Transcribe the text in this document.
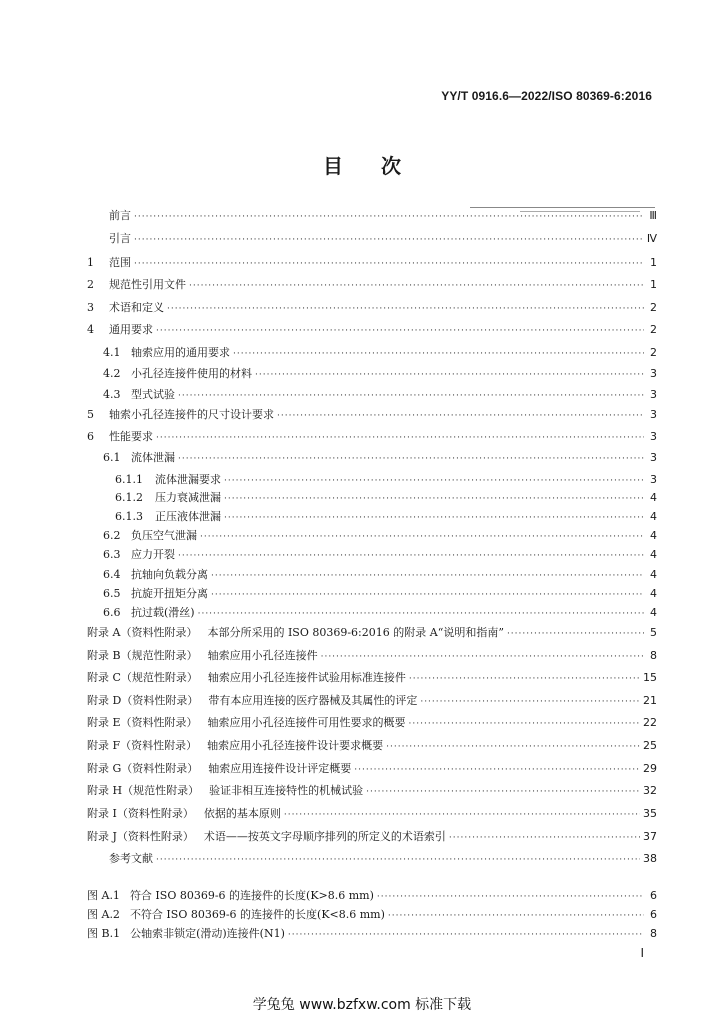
YY/T 0916.6—2022/ISO 80369-6:2016
目次
前言 ·····	Ⅲ
引言 ·····	Ⅳ
1	范围 ·····	1
2	规范性引用文件 ·····	1
3	术语和定义 ·····	2
4	通用要求 ·····	2
4.1 轴索应用的通用要求 ·····	2
4.2 小孔径连接件使用的材料 ·····	3
4.3 型式试验 ·····	3
5	轴索小孔径连接件的尺寸设计要求 ·····	3
6	性能要求 ·····	3
6.1 流体泄漏 ·····	3
6.1.1	流体泄漏要求 ·····	3
6.1.2	压力衰减泄漏 ·····	4
6.1.3	正压液体泄漏 ·····	4
6.2 负压空气泄漏 ·····	4
6.3 应力开裂 ·····	4
6.4 抗轴向负载分离 ·····	4
6.5 抗旋开扭矩分离 ·····	4
6.6 抗过载(滑丝) ·····	4
附录 A（资料性附录） 本部分所采用的 ISO 80369-6:2016 的附录 A“说明和指南” ·····	5
附录 B（规范性附录） 轴索应用小孔径连接件 ·····	8
附录 C（规范性附录） 轴索应用小孔径连接件试验用标准连接件 ·····	15
附录 D（资料性附录） 带有本应用连接的医疗器械及其属性的评定 ·····	21
附录 E（资料性附录） 轴索应用小孔径连接件可用性要求的概要 ·····	22
附录 F（资料性附录） 轴索应用小孔径连接件设计要求概要 ·····	25
附录 G（资料性附录） 轴索应用连接件设计评定概要 ·····	29
附录 H（规范性附录） 验证非相互连接特性的机械试验 ·····	32
附录 I（资料性附录） 依据的基本原则 ·····	35
附录 J（资料性附录） 术语——按英文字母顺序排列的所定义的术语索引 ·····	37
参考文献 ·····	38
图 A.1 符合 ISO 80369-6 的连接件的长度(K>8.6 mm) ·····	6
图 A.2 不符合 ISO 80369-6 的连接件的长度(K<8.6 mm) ·····	6
图 B.1 公轴索非锁定(滑动)连接件(N1) ·····	8
I
学兔兔 www.bzfxw.com 标准下载
